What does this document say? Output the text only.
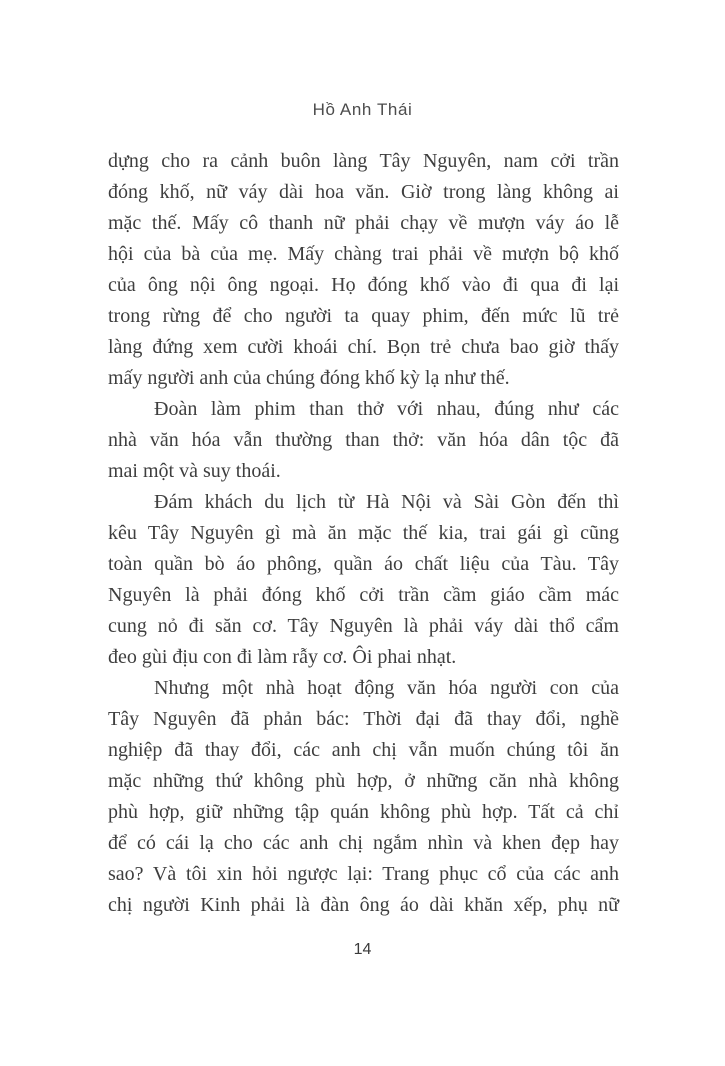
Hồ Anh Thái
dựng cho ra cảnh buôn làng Tây Nguyên, nam cởi trần
đóng khố, nữ váy dài hoa văn. Giờ trong làng không ai
mặc thế. Mấy cô thanh nữ phải chạy về mượn váy áo lễ
hội của bà của mẹ. Mấy chàng trai phải về mượn bộ khố
của ông nội ông ngoại. Họ đóng khố vào đi qua đi lại
trong rừng để cho người ta quay phim, đến mức lũ trẻ
làng đứng xem cười khoái chí. Bọn trẻ chưa bao giờ thấy
mấy người anh của chúng đóng khố kỳ lạ như thế.
Đoàn làm phim than thở với nhau, đúng như các
nhà văn hóa vẫn thường than thở: văn hóa dân tộc đã
mai một và suy thoái.
Đám khách du lịch từ Hà Nội và Sài Gòn đến thì
kêu Tây Nguyên gì mà ăn mặc thế kia, trai gái gì cũng
toàn quần bò áo phông, quần áo chất liệu của Tàu. Tây
Nguyên là phải đóng khố cởi trần cầm giáo cầm mác
cung nỏ đi săn cơ. Tây Nguyên là phải váy dài thổ cẩm
đeo gùi địu con đi làm rẫy cơ. Ôi phai nhạt.
Nhưng một nhà hoạt động văn hóa người con của
Tây Nguyên đã phản bác: Thời đại đã thay đổi, nghề
nghiệp đã thay đổi, các anh chị vẫn muốn chúng tôi ăn
mặc những thứ không phù hợp, ở những căn nhà không
phù hợp, giữ những tập quán không phù hợp. Tất cả chỉ
để có cái lạ cho các anh chị ngắm nhìn và khen đẹp hay
sao? Và tôi xin hỏi ngược lại: Trang phục cổ của các anh
chị người Kinh phải là đàn ông áo dài khăn xếp, phụ nữ
14
